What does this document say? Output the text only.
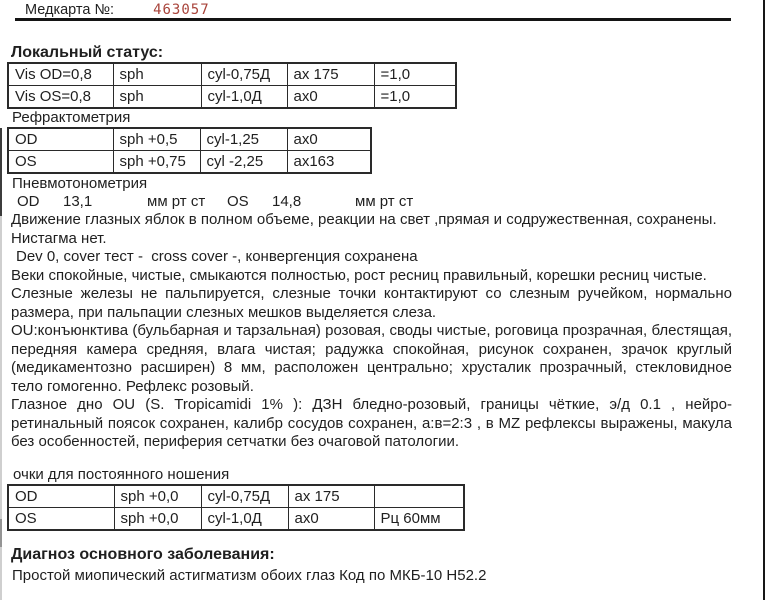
Медкарта №:	463057
Локальный статус:
Vis OD=0,8	sph	cyl-0,75Д	ax 175	=1,0
Vis OS=0,8	sph	cyl-1,0Д	ax0	=1,0
Рефрактометрия
OD	sph +0,5	cyl-1,25	ax0
OS	sph +0,75	cyl -2,25	ax163
Пневмотонометрия
OD 13,1	мм рт ст OS 14,8	мм рт ст
Движение глазных яблок в полном объеме, реакции на свет ,прямая и содружественная, сохранены. Нистагма нет.
Dev 0, cover тест -  cross cover -, конвергенция сохранена
Веки спокойные, чистые, смыкаются полностью, рост ресниц правильный, корешки ресниц чистые.
Слезные железы не пальпируется, слезные точки контактируют со слезным ручейком, нормально размера, при пальпации слезных мешков выделяется слеза.
OU:конъюнктива (бульбарная и тарзальная) розовая, своды чистые, роговица прозрачная, блестящая, передняя камера средняя, влага чистая; радужка спокойная, рисунок сохранен, зрачок круглый (медикаментозно расширен) 8 мм, расположен центрально; хрусталик прозрачный, стекловидное тело гомогенно. Рефлекс розовый.
Глазное дно OU (S. Tropicamidi 1% ): ДЗН бледно-розовый, границы чёткие, э/д 0.1 , нейро-ретинальный поясок сохранен, калибр сосудов сохранен, а:в=2:3 , в MZ рефлексы выражены, макула без особенностей, периферия сетчатки без очаговой патологии.
очки для постоянного ношения
OD	sph +0,0	cyl-0,75Д	ax 175	
OS	sph +0,0	cyl-1,0Д	ax0	Рц 60мм
Диагноз основного заболевания:
Простой миопический астигматизм обоих глаз Код по МКБ-10 H52.2
